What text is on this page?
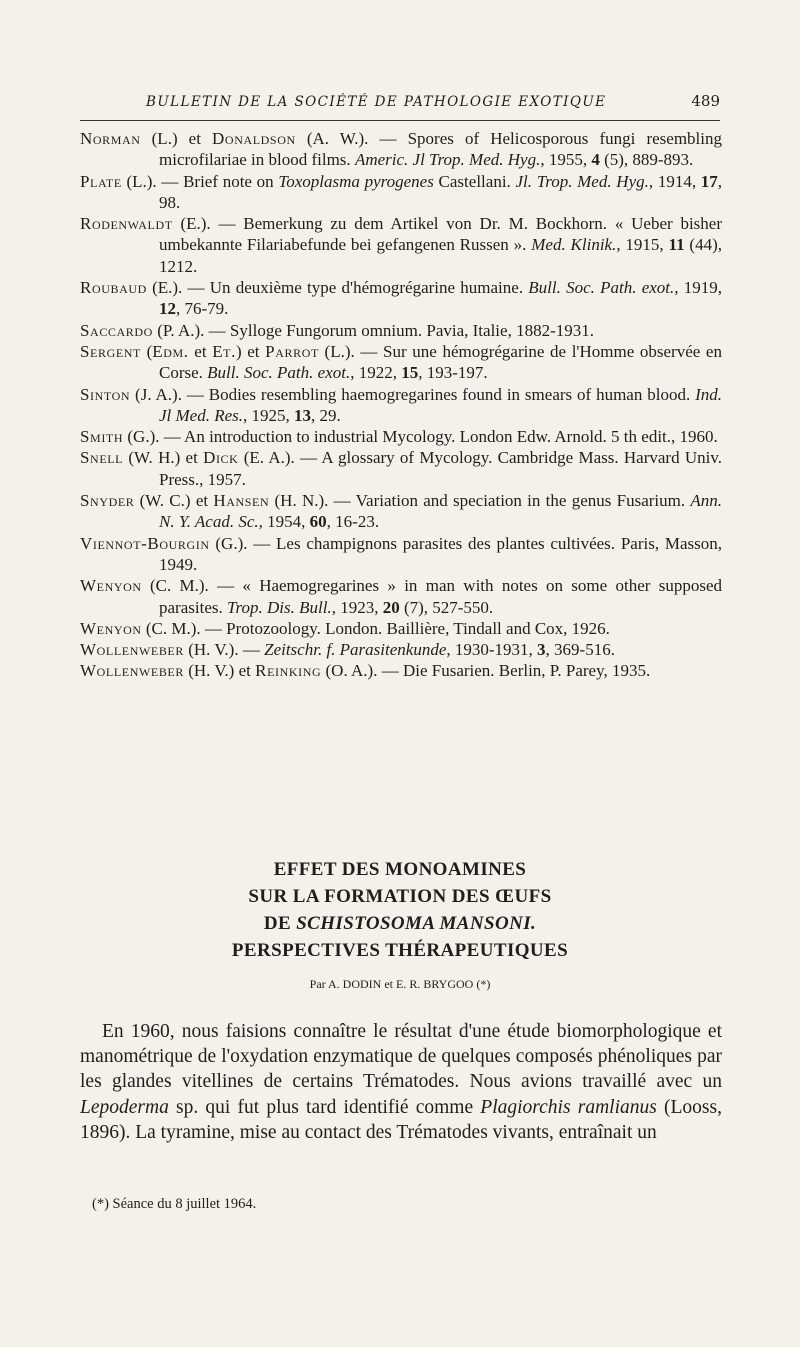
BULLETIN DE LA SOCIÉTÉ DE PATHOLOGIE EXOTIQUE	489

Norman (L.) et Donaldson (A. W.). — Spores of Helicosporous fungi resembling microfilariae in blood films. Americ. Jl Trop. Med. Hyg., 1955, 4 (5), 889-893.

Plate (L.). — Brief note on Toxoplasma pyrogenes Castellani. Jl. Trop. Med. Hyg., 1914, 17, 98.

Rodenwaldt (E.). — Bemerkung zu dem Artikel von Dr. M. Bockhorn. « Ueber bisher umbekannte Filariabefunde bei gefangenen Russen ». Med. Klinik., 1915, 11 (44), 1212.

Roubaud (E.). — Un deuxième type d'hémogrégarine humaine. Bull. Soc. Path. exot., 1919, 12, 76-79.

Saccardo (P. A.). — Sylloge Fungorum omnium. Pavia, Italie, 1882-1931.

Sergent (Edm. et Et.) et Parrot (L.). — Sur une hémogrégarine de l'Homme observée en Corse. Bull. Soc. Path. exot., 1922, 15, 193-197.

Sinton (J. A.). — Bodies resembling haemogregarines found in smears of human blood. Ind. Jl Med. Res., 1925, 13, 29.

Smith (G.). — An introduction to industrial Mycology. London Edw. Arnold. 5 th edit., 1960.

Snell (W. H.) et Dick (E. A.). — A glossary of Mycology. Cambridge Mass. Harvard Univ. Press., 1957.

Snyder (W. C.) et Hansen (H. N.). — Variation and speciation in the genus Fusarium. Ann. N. Y. Acad. Sc., 1954, 60, 16-23.

Viennot-Bourgin (G.). — Les champignons parasites des plantes cultivées. Paris, Masson, 1949.

Wenyon (C. M.). — « Haemogregarines » in man with notes on some other supposed parasites. Trop. Dis. Bull., 1923, 20 (7), 527-550.

Wenyon (C. M.). — Protozoology. London. Baillière, Tindall and Cox, 1926.

Wollenweber (H. V.). — Zeitschr. f. Parasitenkunde, 1930-1931, 3, 369-516.

Wollenweber (H. V.) et Reinking (O. A.). — Die Fusarien. Berlin, P. Parey, 1935.

EFFET DES MONOAMINES
SUR LA FORMATION DES ŒUFS
DE SCHISTOSOMA MANSONI.
PERSPECTIVES THÉRAPEUTIQUES
Par A. DODIN et E. R. BRYGOO (*)

En 1960, nous faisions connaître le résultat d'une étude biomorphologique et manométrique de l'oxydation enzymatique de quelques composés phénoliques par les glandes vitellines de certains Trématodes. Nous avions travaillé avec un Lepoderma sp. qui fut plus tard identifié comme Plagiorchis ramlianus (Looss, 1896). La tyramine, mise au contact des Trématodes vivants, entraînait un

(*) Séance du 8 juillet 1964.
